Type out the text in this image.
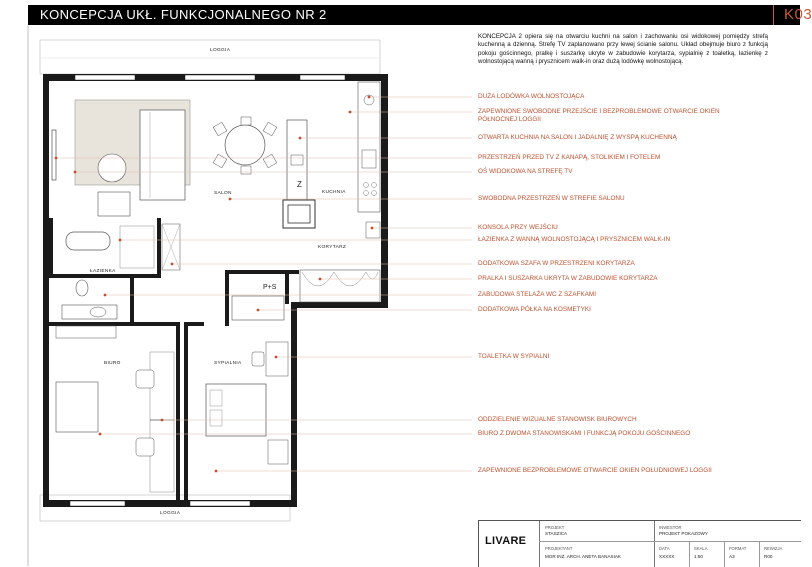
KONCEPCJA UKŁ. FUNKCJONALNEGO NR 2	K03
KONCEPCJA 2 opiera się na otwarciu kuchni na salon i zachowaniu osi widokowej pomiędzy strefą kuchenną a dzienną. Strefę TV zaplanowano przy lewej ścianie salonu. Układ obejmuje biuro z funkcją pokoju gościnnego, pralkę i suszarkę ukryte w zabudowie korytarza, sypialnię z toaletką, łazienkę z wolnostojącą wanną i prysznicem walk-in oraz dużą lodówkę wolnostojącą.
LOGGIA
SALON	KUCHNIA
KORYTARZ
ŁAZIENKA
BIURO	SYPIALNIA
LOGGIA
Z
P+S
DUŻA LODÓWKA WOLNOSTOJĄCA
ZAPEWNIONE SWOBODNE PRZEJŚCIE I BEZPROBLEMOWE OTWARCIE OKIEN PÓŁNOCNEJ LOGGII
OTWARTA KUCHNIA NA SALON I JADALNIĘ Z WYSPĄ KUCHENNĄ
PRZESTRZEŃ PRZED TV Z KANAPĄ, STOLIKIEM I FOTELEM
OŚ WIDOKOWA NA STREFĘ TV
SWOBODNA PRZESTRZEŃ W STREFIE SALONU
KONSOLA PRZY WEJŚCIU
ŁAZIENKA Z WANNĄ WOLNOSTOJĄCĄ I PRYSZNICEM WALK-IN
DODATKOWA SZAFA W PRZESTRZENI KORYTARZA
PRALKA I SUSZARKA UKRYTA W ZABUDOWIE KORYTARZA
ZABUDOWA STELAŻA WC Z SZAFKAMI
DODATKOWA PÓŁKA NA KOSMETYKI
TOALETKA W SYPIALNI
ODDZIELENIE WIZUALNE STANOWISK BIUROWYCH
BIURO Z DWOMA STANOWISKAMI I FUNKCJĄ POKOJU GOŚCINNEGO
ZAPEWNIONE BEZPROBLEMOWE OTWARCIE OKIEN POŁUDNIOWEJ LOGGII
LIVARE
PROJEKT
STASZICA
INWESTOR
PROJEKT POKAZOWY
PROJEKTANT
MGR INŻ. ARCH. ANETA BANASIAK
DATA
XXXXX
SKALA
1:50
FORMAT
A3
REWIZJA
R00
